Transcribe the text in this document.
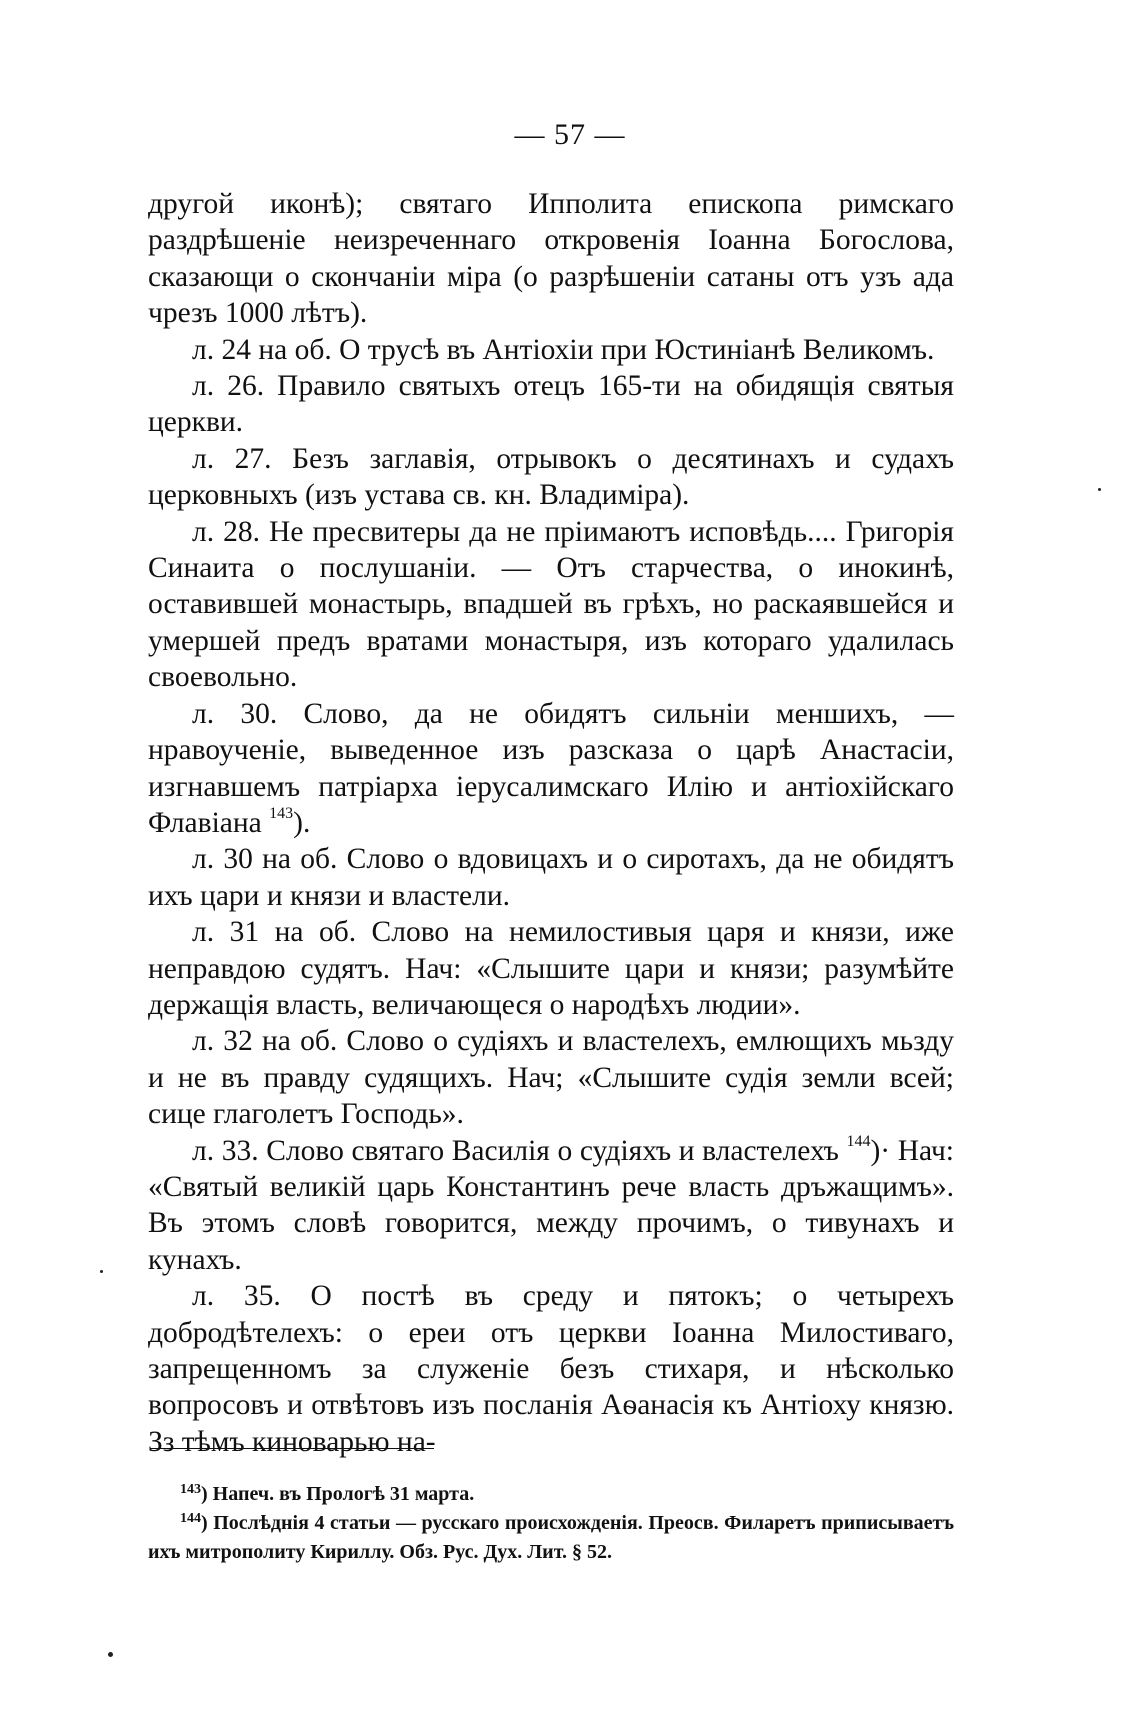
— 57 —

другой иконѣ); святаго Ипполита епископа римскаго раздрѣшеніе неизреченнаго откровенія Іоанна Богослова, сказающи о скончаніи міра (о разрѣшеніи сатаны отъ узъ ада чрезъ 1000 лѣтъ).

л. 24 на об. О трусѣ въ Антіохіи при Юстиніанѣ Великомъ.

л. 26. Правило святыхъ отецъ 165-ти на обидящія святыя церкви.

л. 27. Безъ заглавія, отрывокъ о десятинахъ и судахъ церковныхъ (изъ устава св. кн. Владиміра).

л. 28. Не пресвитеры да не пріимаютъ исповѣдь.... Григорія Синаита о послушаніи. — Отъ старчества, о инокинѣ, оставившей монастырь, впадшей въ грѣхъ, но раскаявшейся и умершей предъ вратами монастыря, изъ котораго удалилась своевольно.

л. 30. Слово, да не обидятъ сильніи меншихъ, — нравоученіе, выведенное изъ разсказа о царѣ Анастасіи, изгнавшемъ патріарха іерусалимскаго Илію и антіохійскаго Флавіана $^{143}$).

л. 30 на об. Слово о вдовицахъ и о сиротахъ, да не обидятъ ихъ цари и князи и властели.

л. 31 на об. Слово на немилостивыя царя и князи, иже неправдою судятъ. Нач: «Слышите цари и князи; разумѣйте держащія власть, величающеся о народѣхъ людии».

л. 32 на об. Слово о судіяхъ и властелехъ, емлющихъ мьзду и не въ правду судящихъ. Нач; «Слышите судія земли всей; сице глаголетъ Господь».

л. 33. Слово святаго Василія о судіяхъ и властелехъ $^{144}$)· Нач: «Святый великій царь Константинъ рече власть дръжащимъ». Въ этомъ словѣ говорится, между прочимъ, о тивунахъ и кунахъ.

л. 35. О постѣ въ среду и пятокъ; о четырехъ добродѣтелехъ: о ереи отъ церкви Іоанна Милостиваго, запрещенномъ за служеніе безъ стихаря, и нѣсколько вопросовъ и отвѣтовъ изъ посланія Аѳанасія къ Антіоху князю. Зз тѣмъ киноварью на-

$^{143}$) Напеч. въ Прологѣ 31 марта.

$^{144}$) Послѣднія 4 статьи — русскаго происхожденія. Преосв. Филаретъ приписываетъ ихъ митрополиту Кириллу. Обз. Рус. Дух. Лит. § 52.
